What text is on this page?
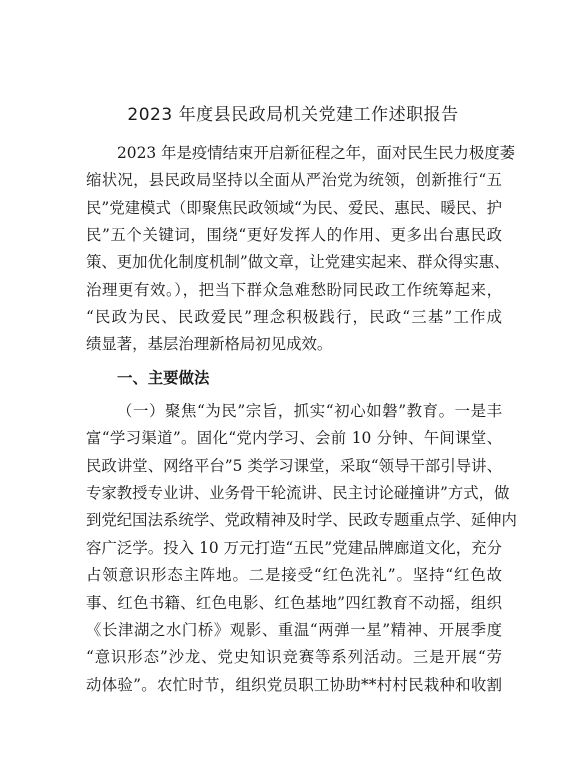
2023 年度县民政局机关党建工作述职报告
2023 年是疫情结束开启新征程之年，面对民生民力极度萎
缩状况，县民政局坚持以全面从严治党为统领，创新推行“五
民”党建模式（即聚焦民政领域“为民、爱民、惠民、暖民、护
民”五个关键词，围绕“更好发挥人的作用、更多出台惠民政
策、更加优化制度机制”做文章，让党建实起来、群众得实惠、
治理更有效。），把当下群众急难愁盼同民政工作统筹起来，
“民政为民、民政爱民”理念积极践行，民政“三基”工作成
绩显著，基层治理新格局初见成效。
一、主要做法
（一）聚焦“为民”宗旨，抓实“初心如磐”教育。一是丰
富“学习渠道”。固化“党内学习、会前 10 分钟、午间课堂、
民政讲堂、网络平台”5 类学习课堂，采取“领导干部引导讲、
专家教授专业讲、业务骨干轮流讲、民主讨论碰撞讲”方式，做
到党纪国法系统学、党政精神及时学、民政专题重点学、延伸内
容广泛学。投入 10 万元打造“五民”党建品牌廊道文化，充分
占领意识形态主阵地。二是接受“红色洗礼”。坚持“红色故
事、红色书籍、红色电影、红色基地”四红教育不动摇，组织
《长津湖之水门桥》观影、重温“两弹一星”精神、开展季度
“意识形态”沙龙、党史知识竞赛等系列活动。三是开展“劳
动体验”。农忙时节，组织党员职工协助**村村民栽种和收割
